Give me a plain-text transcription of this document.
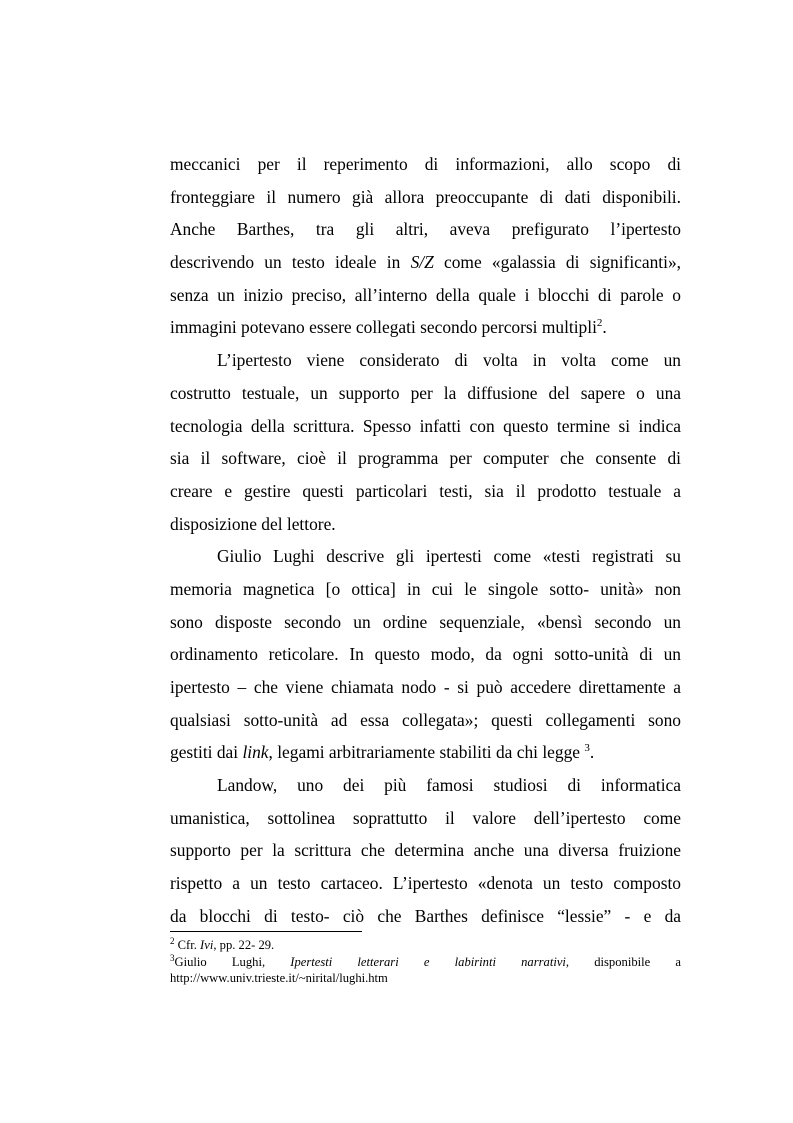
meccanici per il reperimento di informazioni, allo scopo di
fronteggiare il numero già allora preoccupante di dati disponibili.
Anche Barthes, tra gli altri, aveva prefigurato l’ipertesto
descrivendo un testo ideale in S/Z come «galassia di significanti»,
senza un inizio preciso, all’interno della quale i blocchi di parole o
immagini potevano essere collegati secondo percorsi multipli$^2$.
L’ipertesto viene considerato di volta in volta come un
costrutto testuale, un supporto per la diffusione del sapere o una
tecnologia della scrittura. Spesso infatti con questo termine si indica
sia il software, cioè il programma per computer che consente di
creare e gestire questi particolari testi, sia il prodotto testuale a
disposizione del lettore.
Giulio Lughi descrive gli ipertesti come «testi registrati su
memoria magnetica [o ottica] in cui le singole sotto- unità» non
sono disposte secondo un ordine sequenziale, «bensì secondo un
ordinamento reticolare. In questo modo, da ogni sotto-unità di un
ipertesto – che viene chiamata nodo - si può accedere direttamente a
qualsiasi sotto-unità ad essa collegata»; questi collegamenti sono
gestiti dai link, legami arbitrariamente stabiliti da chi legge $^3$.
Landow, uno dei più famosi studiosi di informatica
umanistica, sottolinea soprattutto il valore dell’ipertesto come
supporto per la scrittura che determina anche una diversa fruizione
rispetto a un testo cartaceo. L’ipertesto «denota un testo composto
da blocchi di testo- ciò che Barthes definisce “lessie” - e da
$^2$ Cfr. Ivi, pp. 22- 29.
$^3$Giulio Lughi, Ipertesti letterari e labirinti narrativi, disponibile a
http://www.univ.trieste.it/~nirital/lughi.htm
